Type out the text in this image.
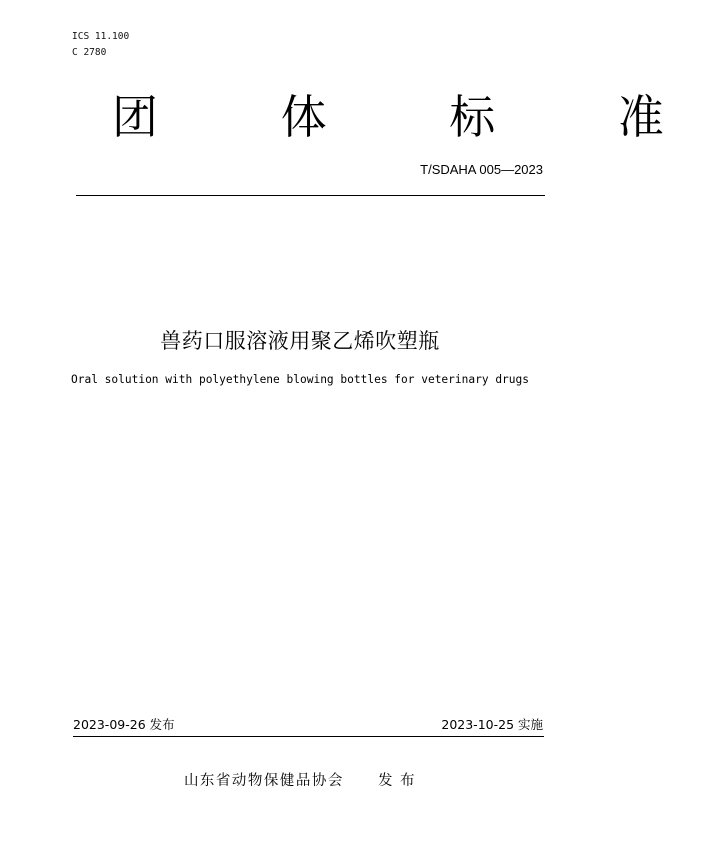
ICS 11.100
C 2780
团 体 标 准
T/SDAHA 005—2023
兽药口服溶液用聚乙烯吹塑瓶
Oral solution with polyethylene blowing bottles for veterinary drugs
2023-09-26 发布	2023-10-25 实施
山东省动物保健品协会 发 布
